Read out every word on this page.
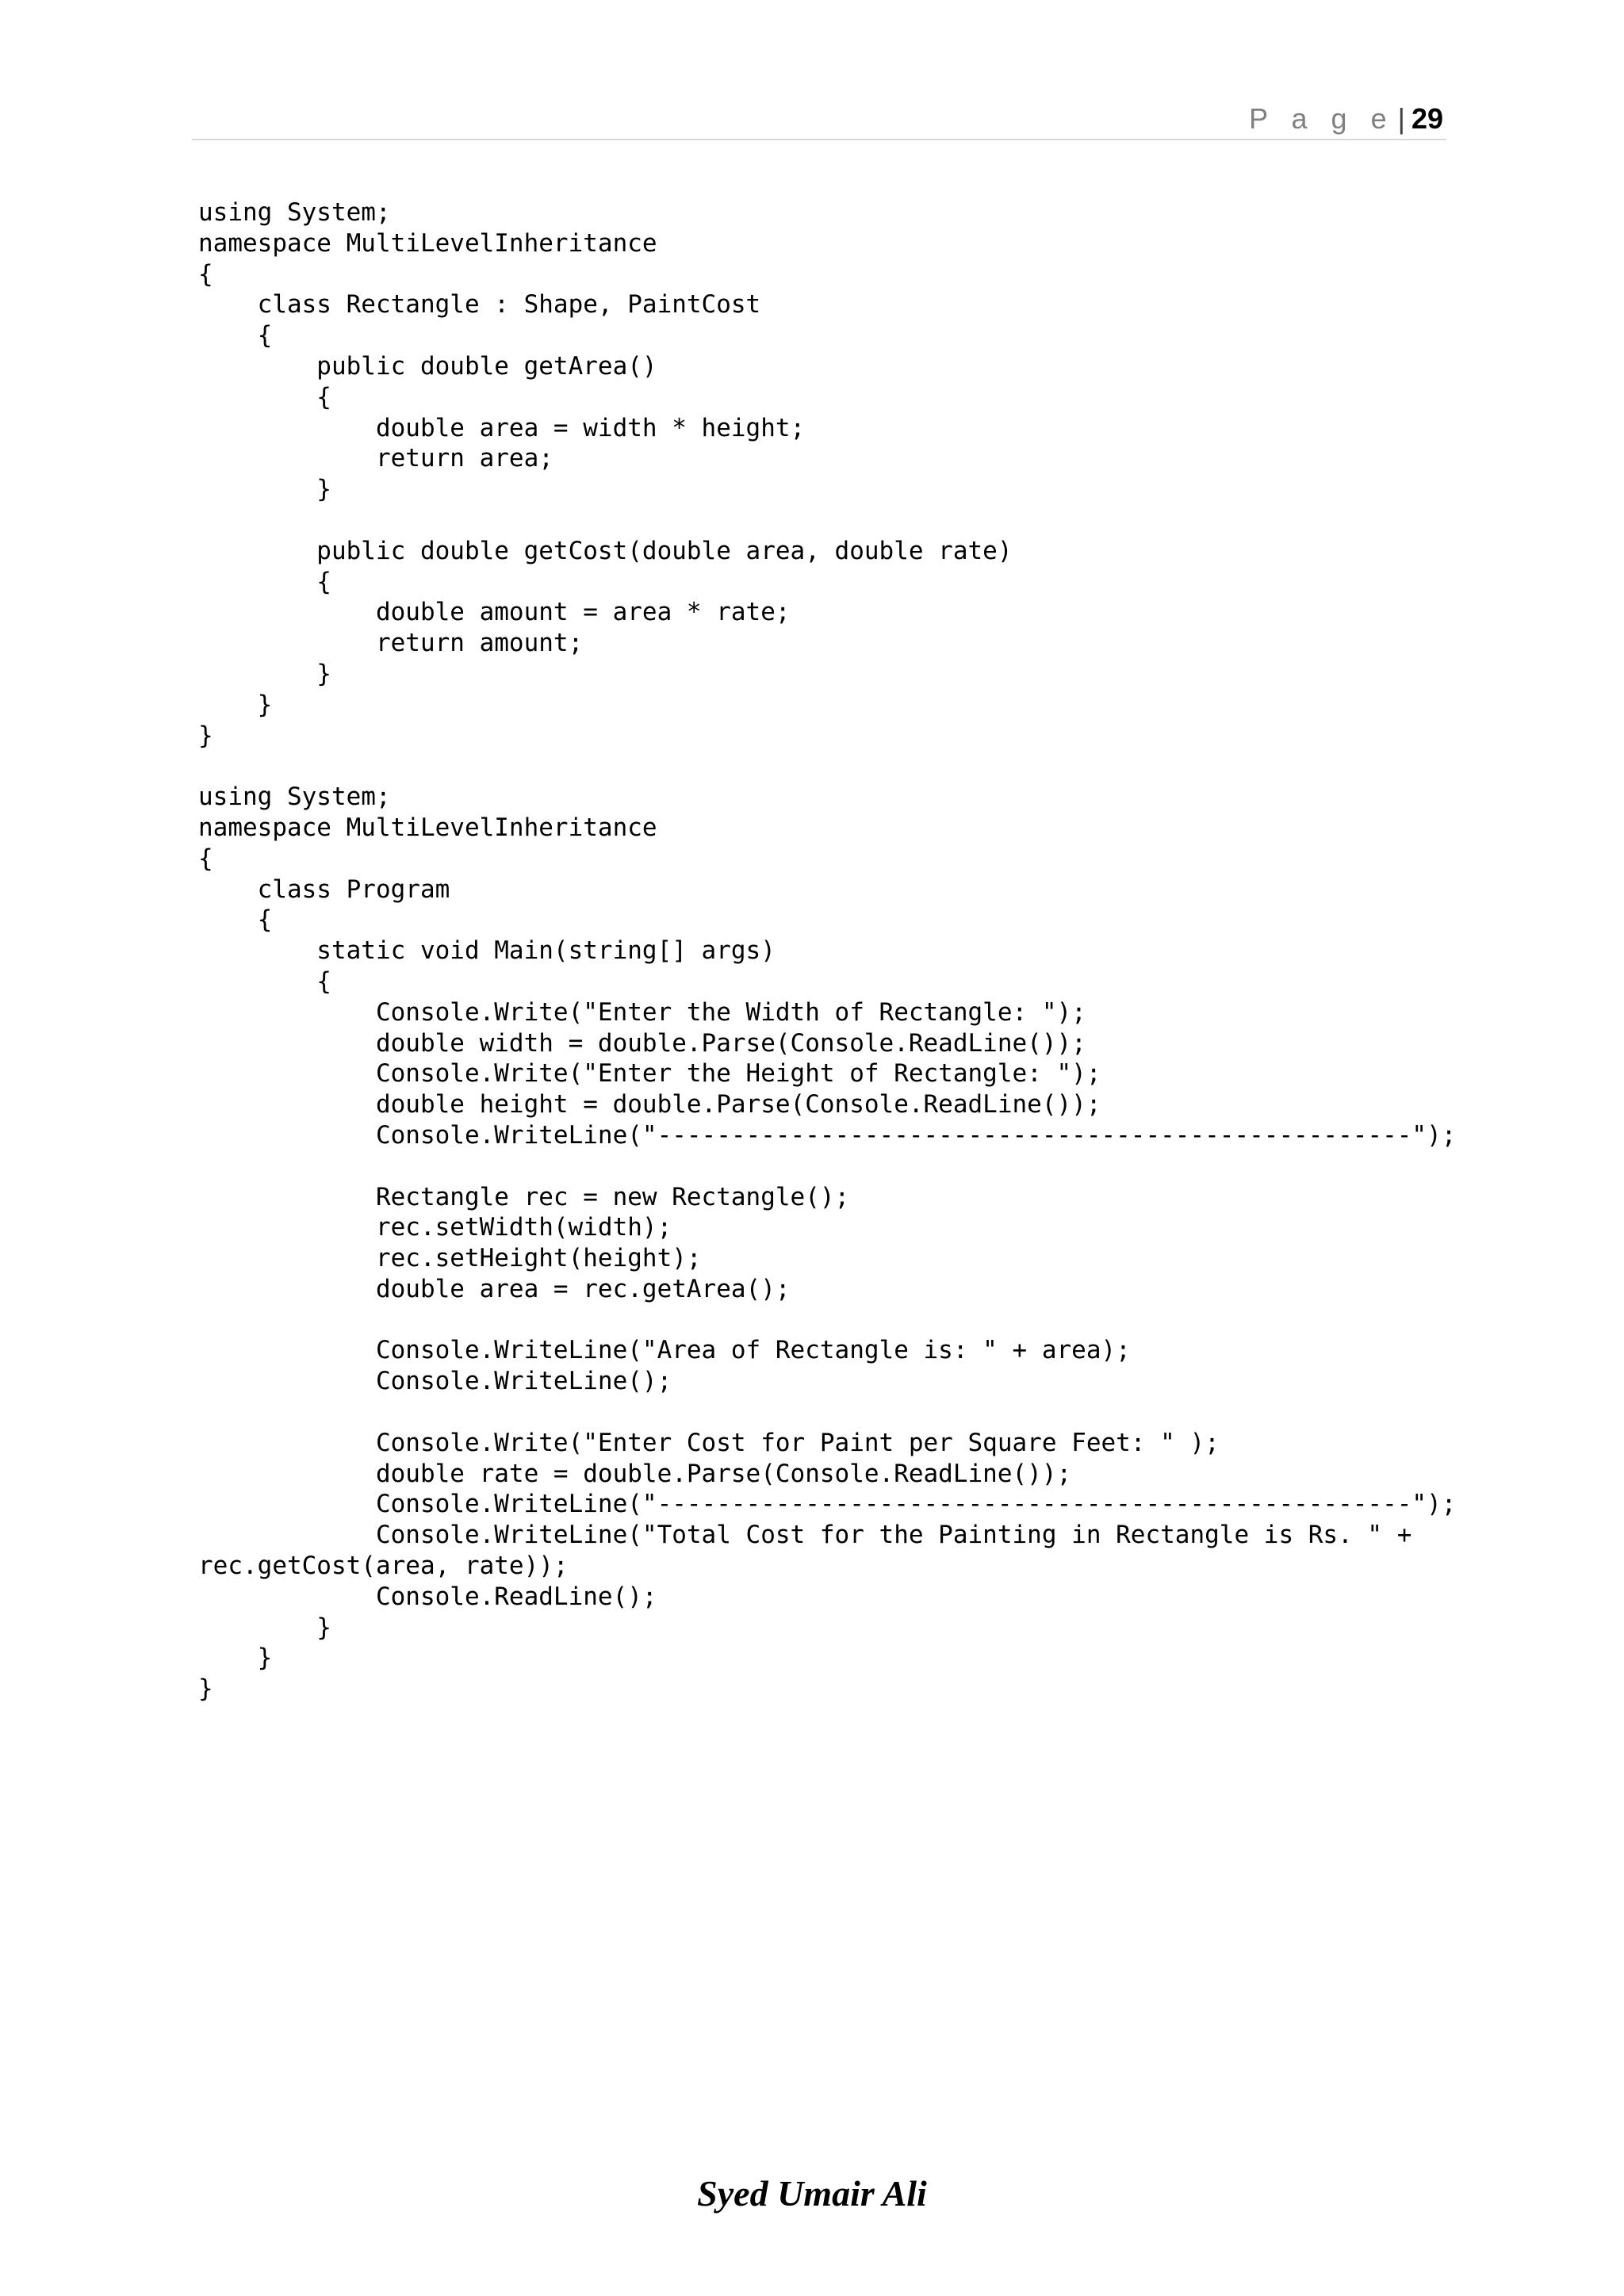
P a g e | 29
using System;
namespace MultiLevelInheritance
{
class Rectangle : Shape, PaintCost
{
public double getArea()
{
double area = width * height;
return area;
}
public double getCost(double area, double rate)
{
double amount = area * rate;
return amount;
}
}
}
using System;
namespace MultiLevelInheritance
{
class Program
{
static void Main(string[] args)
{
Console.Write("Enter the Width of Rectangle: ");
double width = double.Parse(Console.ReadLine());
Console.Write("Enter the Height of Rectangle: ");
double height = double.Parse(Console.ReadLine());
Console.WriteLine("---------------------------------------------------");
Rectangle rec = new Rectangle();
rec.setWidth(width);
rec.setHeight(height);
double area = rec.getArea();
Console.WriteLine("Area of Rectangle is: " + area);
Console.WriteLine();
Console.Write("Enter Cost for Paint per Square Feet: " );
double rate = double.Parse(Console.ReadLine());
Console.WriteLine("---------------------------------------------------");
Console.WriteLine("Total Cost for the Painting in Rectangle is Rs. " +
rec.getCost(area, rate));
Console.ReadLine();
}
}
}
Syed Umair Ali
